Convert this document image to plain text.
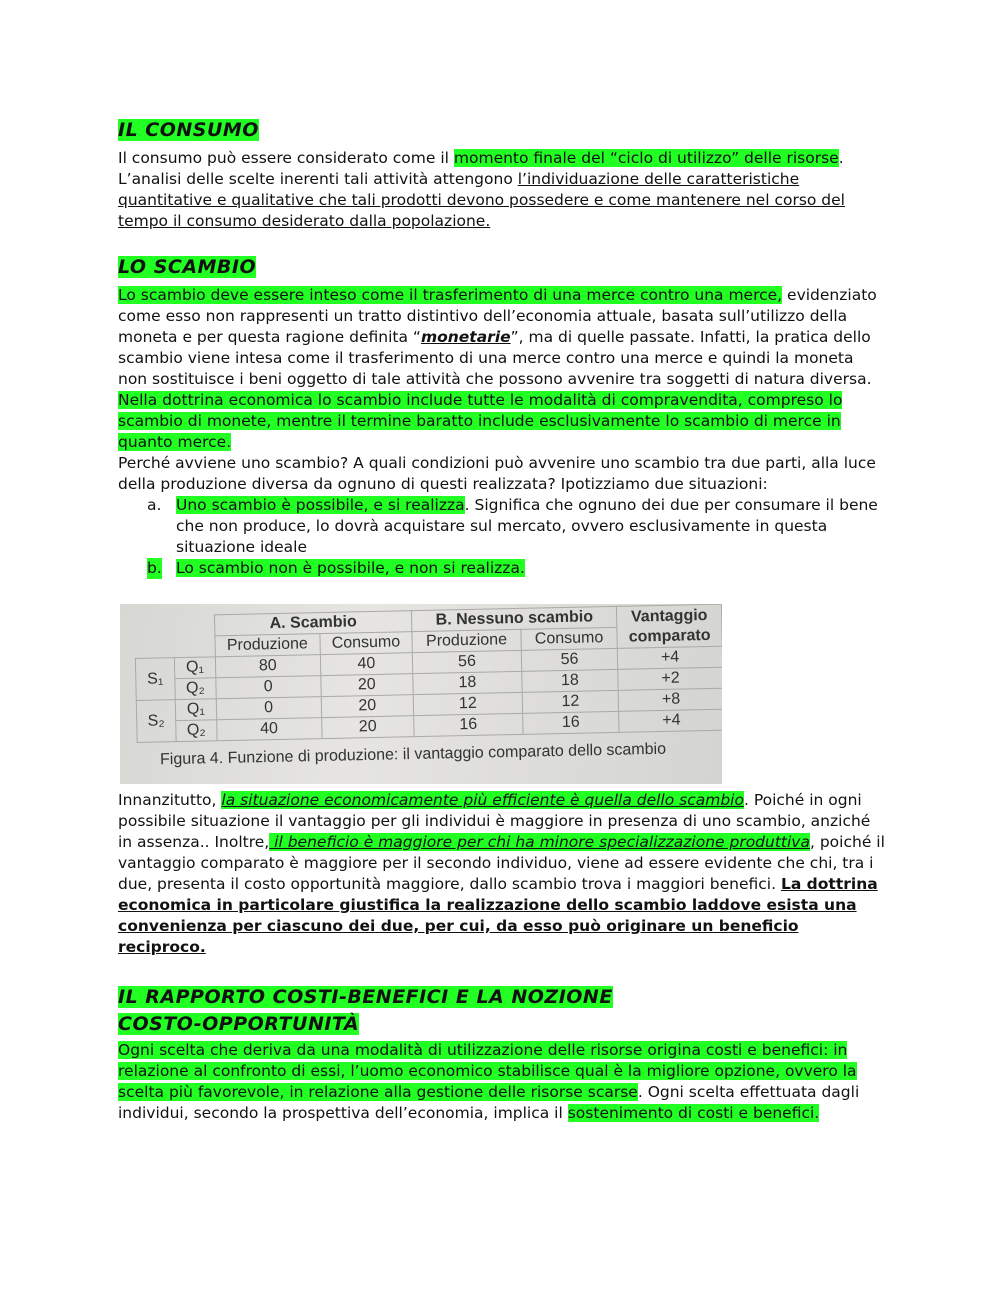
IL CONSUMO

Il consumo può essere considerato come il momento finale del “ciclo di utilizzo” delle risorse. L’analisi delle scelte inerenti tali attività attengono l’individuazione delle caratteristiche quantitative e qualitative che tali prodotti devono possedere e come mantenere nel corso del tempo il consumo desiderato dalla popolazione.

LO SCAMBIO

Lo scambio deve essere inteso come il trasferimento di una merce contro una merce, evidenziato come esso non rappresenti un tratto distintivo dell’economia attuale, basata sull’utilizzo della moneta e per questa ragione definita “monetarie”, ma di quelle passate. Infatti, la pratica dello scambio viene intesa come il trasferimento di una merce contro una merce e quindi la moneta non sostituisce i beni oggetto di tale attività che possono avvenire tra soggetti di natura diversa. Nella dottrina economica lo scambio include tutte le modalità di compravendita, compreso lo scambio di monete, mentre il termine baratto include esclusivamente lo scambio di merce in quanto merce.

Perché avviene uno scambio? A quali condizioni può avvenire uno scambio tra due parti, alla luce della produzione diversa da ognuno di questi realizzata? Ipotizziamo due situazioni:

a. Uno scambio è possibile, e si realizza. Significa che ognuno dei due per consumare il bene che non produce, lo dovrà acquistare sul mercato, ovvero esclusivamente in questa situazione ideale
b. Lo scambio non è possibile, e non si realizza.
		A. Scambio		B. Nessuno scambio		Vantaggio
comparato
		Produzione	Consumo	Produzione	Consumo	
S₁	Q₁	80	40	56	56	+4
	Q₂	0	20	18	18	+2
S₂	Q₁	0	20	12	12	+8
	Q₂	40	20	16	16	+4
Figura 4. Funzione di produzione: il vantaggio comparato dello scambio

Innanzitutto, la situazione economicamente più efficiente è quella dello scambio. Poiché in ogni possibile situazione il vantaggio per gli individui è maggiore in presenza di uno scambio, anziché in assenza.. Inoltre, il beneficio è maggiore per chi ha minore specializzazione produttiva, poiché il vantaggio comparato è maggiore per il secondo individuo, viene ad essere evidente che chi, tra i due, presenta il costo opportunità maggiore, dallo scambio trova i maggiori benefici. La dottrina economica in particolare giustifica la realizzazione dello scambio laddove esista una convenienza per ciascuno dei due, per cui, da esso può originare un beneficio reciproco.

IL RAPPORTO COSTI-BENEFICI E LA NOZIONE
COSTO-OPPORTUNITÀ

Ogni scelta che deriva da una modalità di utilizzazione delle risorse origina costi e benefici: in relazione al confronto di essi, l’uomo economico stabilisce qual è la migliore opzione, ovvero la scelta più favorevole, in relazione alla gestione delle risorse scarse. Ogni scelta effettuata dagli individui, secondo la prospettiva dell’economia, implica il sostenimento di costi e benefici.
